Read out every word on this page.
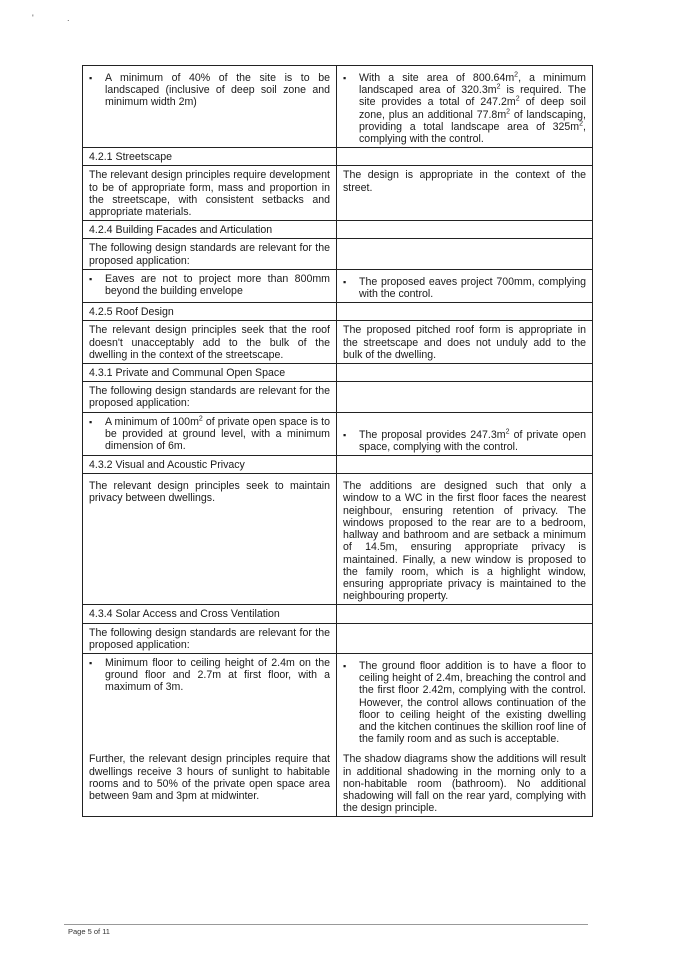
'	.
▪ A minimum of 40% of the site is to be landscaped (inclusive of deep soil zone and minimum width 2m)	▪ With a site area of $800.64m^2$, a minimum landscaped area of $320.3m^2$ is required. The site provides a total of $247.2m^2$ of deep soil zone, plus an additional $77.8m^2$ of landscaping, providing a total landscape area of $325m^2$, complying with the control.

4.2.1 Streetscape	
The relevant design principles require development to be of appropriate form, mass and proportion in the streetscape, with consistent setbacks and appropriate materials.	The design is appropriate in the context of the street.
4.2.4 Building Facades and Articulation	
The following design standards are relevant for the proposed application:	

▪ Eaves are not to project more than 800mm beyond the building envelope	▪ The proposed eaves project 700mm, complying with the control.

4.2.5 Roof Design	
The relevant design principles seek that the roof doesn't unacceptably add to the bulk of the dwelling in the context of the streetscape.	The proposed pitched roof form is appropriate in the streetscape and does not unduly add to the bulk of the dwelling.
4.3.1 Private and Communal Open Space	
The following design standards are relevant for the proposed application:	

▪ A minimum of $100m^2$ of private open space is to be provided at ground level, with a minimum dimension of 6m.	▪ The proposal provides $247.3m^2$ of private open space, complying with the control.

4.3.2 Visual and Acoustic Privacy	
The relevant design principles seek to maintain privacy between dwellings.	The additions are designed such that only a window to a WC in the first floor faces the nearest neighbour, ensuring retention of privacy. The windows proposed to the rear are to a bedroom, hallway and bathroom and are setback a minimum of 14.5m, ensuring appropriate privacy is maintained. Finally, a new window is proposed to the family room, which is a highlight window, ensuring appropriate privacy is maintained to the neighbouring property.
4.3.4 Solar Access and Cross Ventilation	
The following design standards are relevant for the proposed application:	

▪ Minimum floor to ceiling height of 2.4m on the ground floor and 2.7m at first floor, with a maximum of 3m.	▪ The ground floor addition is to have a floor to ceiling height of 2.4m, breaching the control and the first floor 2.42m, complying with the control. However, the control allows continuation of the floor to ceiling height of the existing dwelling and the kitchen continues the skillion roof line of the family room and as such is acceptable.

Further, the relevant design principles require that dwellings receive 3 hours of sunlight to habitable rooms and to 50% of the private open space area between 9am and 3pm at midwinter.	The shadow diagrams show the additions will result in additional shadowing in the morning only to a non-habitable room (bathroom). No additional shadowing will fall on the rear yard, complying with the design principle.
Page 5 of 11
